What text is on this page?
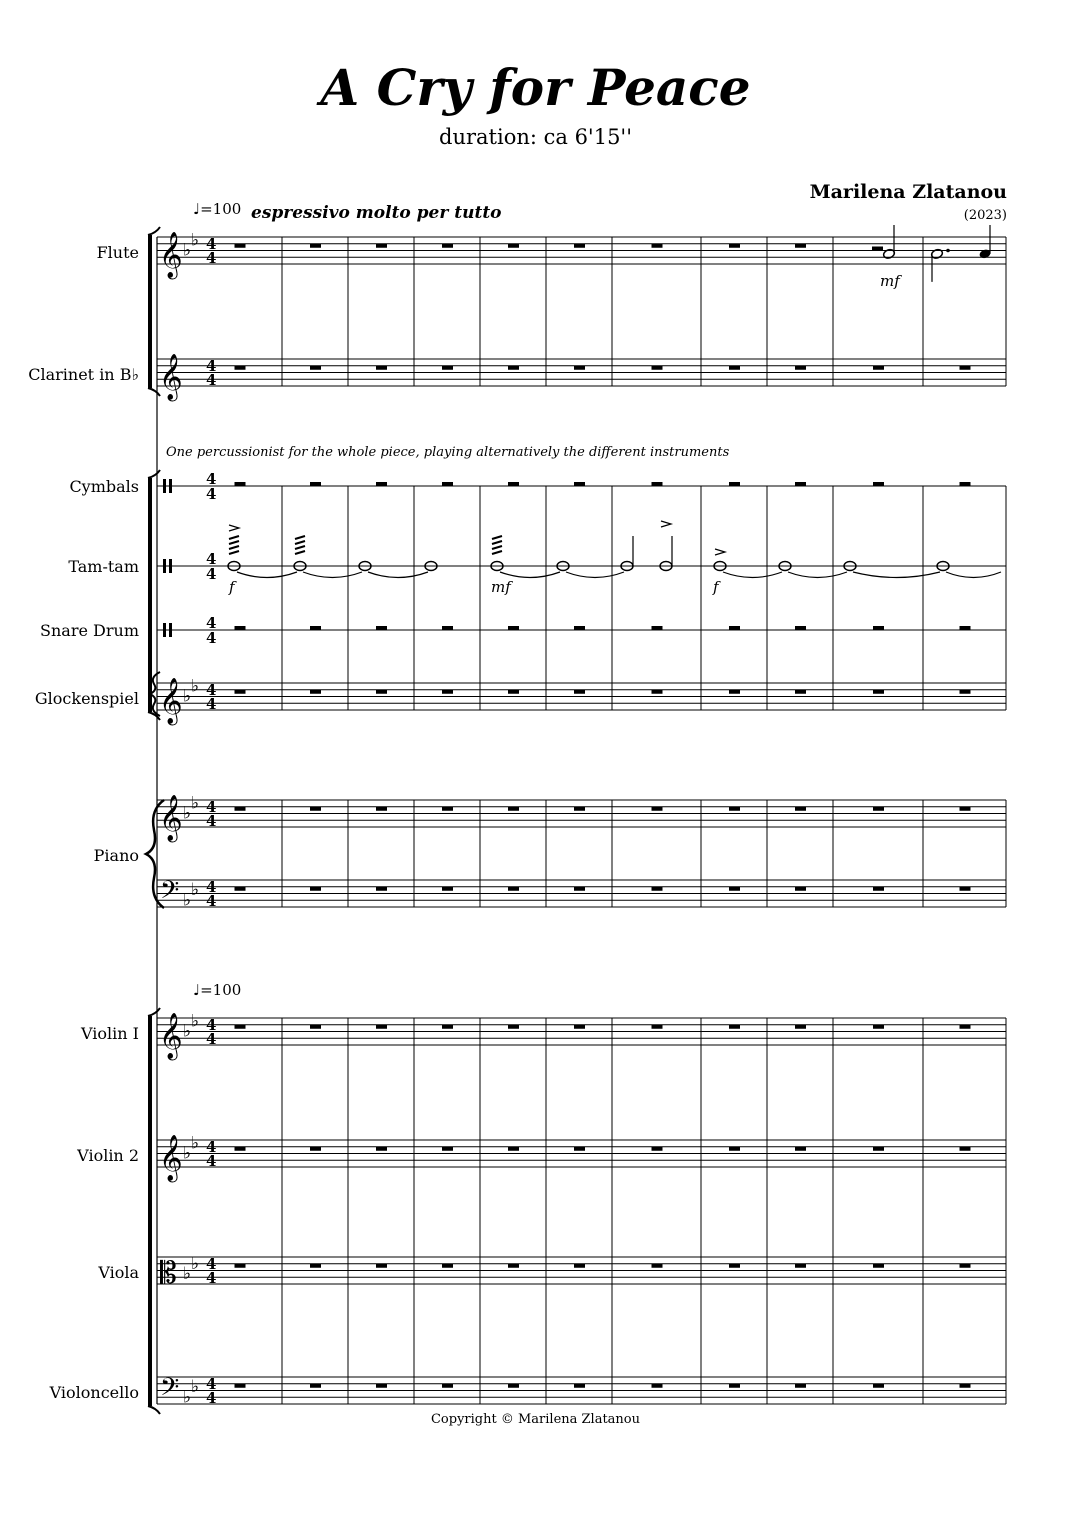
A Cry for Peace
duration: ca 6'15''
Marilena Zlatanou
(2023)
♩=100 espressivo molto per tutto
One percussionist for the whole piece, playing alternatively the different instruments
♩=100
Flute
Clarinet in B♭
Cymbals
Tam-tam
Snare Drum
Glockenspiel
Piano
Violin I
Violin 2
Viola
Violoncello
Copyright © Marilena Zlatanou
𝄞 ♭
♭ 4
4
𝄞 4
4
𝄞 ♭
♭ 4
4
𝄞 ♭
♭ 4
4
𝄢 ♭
♭ 4
4
𝄞 ♭
♭ 4
4
𝄞 ♭
♭ 4
4
𝄡 ♭
♭ 4
4
𝄢 ♭
♭ 4
4
4
4
4
4
4
4
mf
f	mf	f
